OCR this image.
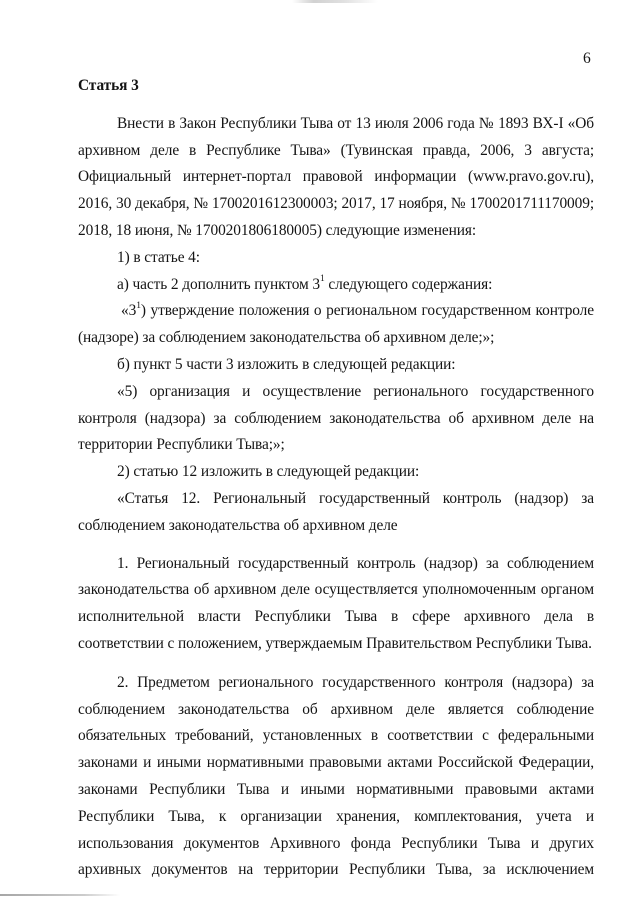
6
Статья 3
Внести в Закон Республики Тыва от 13 июля 2006 года № 1893 ВХ-I «Об
архивном деле в Республике Тыва» (Тувинская правда, 2006, 3 августа;
Официальный интернет-портал правовой информации (www.pravo.gov.ru),
2016, 30 декабря, № 1700201612300003; 2017, 17 ноября, № 1700201711170009;
2018, 18 июня, № 1700201806180005) следующие изменения:
1) в статье 4:
а) часть 2 дополнить пунктом $3^1$ следующего содержания:
«$3^1$) утверждение положения о региональном государственном контроле
(надзоре) за соблюдением законодательства об архивном деле;»;
б) пункт 5 части 3 изложить в следующей редакции:
«5) организация и осуществление регионального государственного
контроля (надзора) за соблюдением законодательства об архивном деле на
территории Республики Тыва;»;
2) статью 12 изложить в следующей редакции:
«Статья 12. Региональный государственный контроль (надзор) за
соблюдением законодательства об архивном деле
1. Региональный государственный контроль (надзор) за соблюдением
законодательства об архивном деле осуществляется уполномоченным органом
исполнительной власти Республики Тыва в сфере архивного дела в
соответствии с положением, утверждаемым Правительством Республики Тыва.
2. Предметом регионального государственного контроля (надзора) за
соблюдением законодательства об архивном деле является соблюдение
обязательных требований, установленных в соответствии с федеральными
законами и иными нормативными правовыми актами Российской Федерации,
законами Республики Тыва и иными нормативными правовыми актами
Республики Тыва, к организации хранения, комплектования, учета и
использования документов Архивного фонда Республики Тыва и других
архивных документов на территории Республики Тыва, за исключением
